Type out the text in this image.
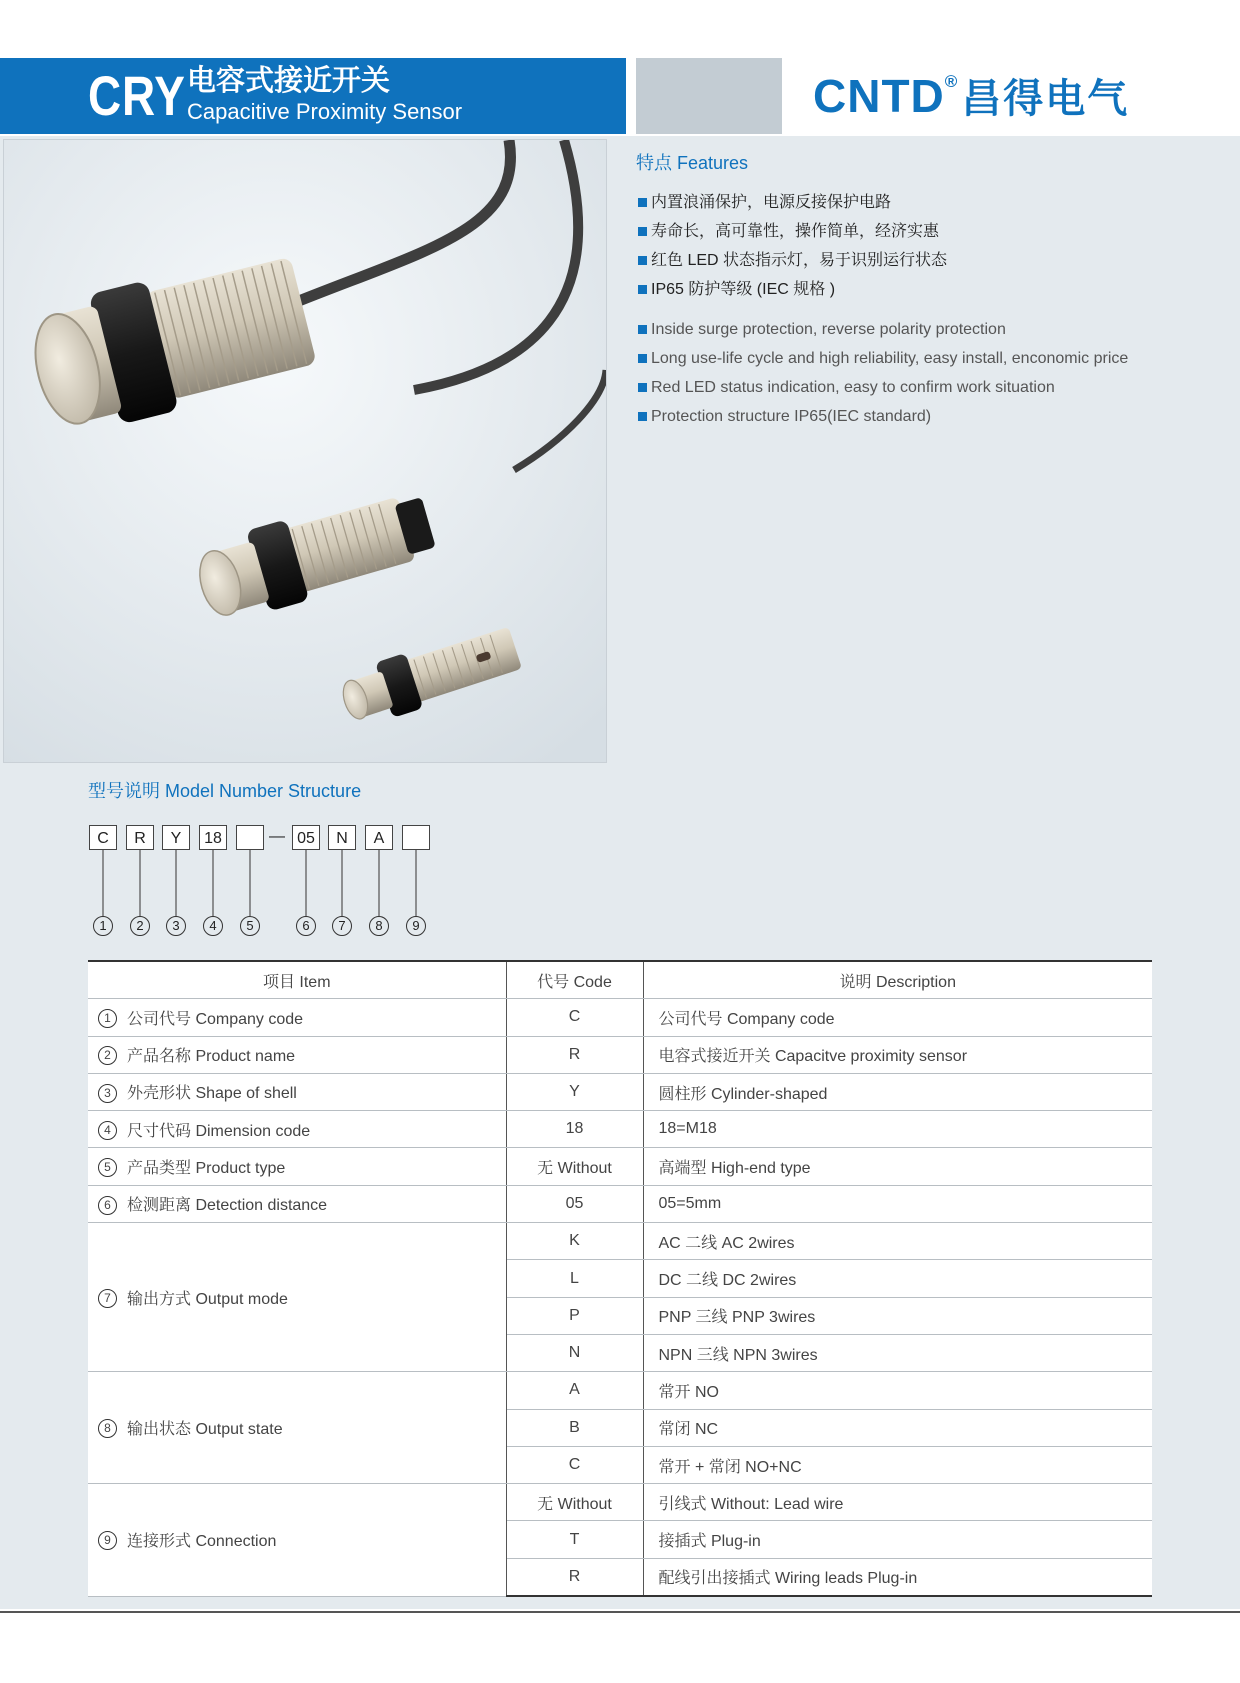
CRY 电容式接近开关
Capacitive Proximity Sensor	CNTD® 昌得电气
特点 Features
内置浪涌保护，电源反接保护电路
寿命长，高可靠性，操作简单，经济实惠
红色 LED 状态指示灯，易于识别运行状态
IP65 防护等级 (IEC 规格 )
Inside surge protection, reverse polarity protection
Long use-life cycle and high reliability, easy install, enconomic price
Red LED status indication, easy to confirm work situation
Protection structure IP65(IEC standard)
型号说明 Model Number Structure
C	R	Y	18	— 05	N	A
1	2	3	4	5	6	7	8	9
项目 Item	代号 Code	说明 Description
1 公司代号 Company code	C	公司代号 Company code
2 产品名称 Product name	R	电容式接近开关 Capacitve proximity sensor
3 外壳形状 Shape of shell	Y	圆柱形 Cylinder-shaped
4 尺寸代码 Dimension code	18	18=M18
5 产品类型 Product type	无 Without	高端型 High-end type
6 检测距离 Detection distance	05	05=5mm
7 输出方式 Output mode	K	AC 二线 AC 2wires
	L	DC 二线 DC 2wires
	P	PNP 三线 PNP 3wires
	N	NPN 三线 NPN 3wires
8 输出状态 Output state	A	常开 NO
	B	常闭 NC
	C	常开 + 常闭 NO+NC
9 连接形式 Connection	无 Without	引线式 Without: Lead wire
	T	接插式 Plug-in
	R	配线引出接插式 Wiring leads Plug-in
